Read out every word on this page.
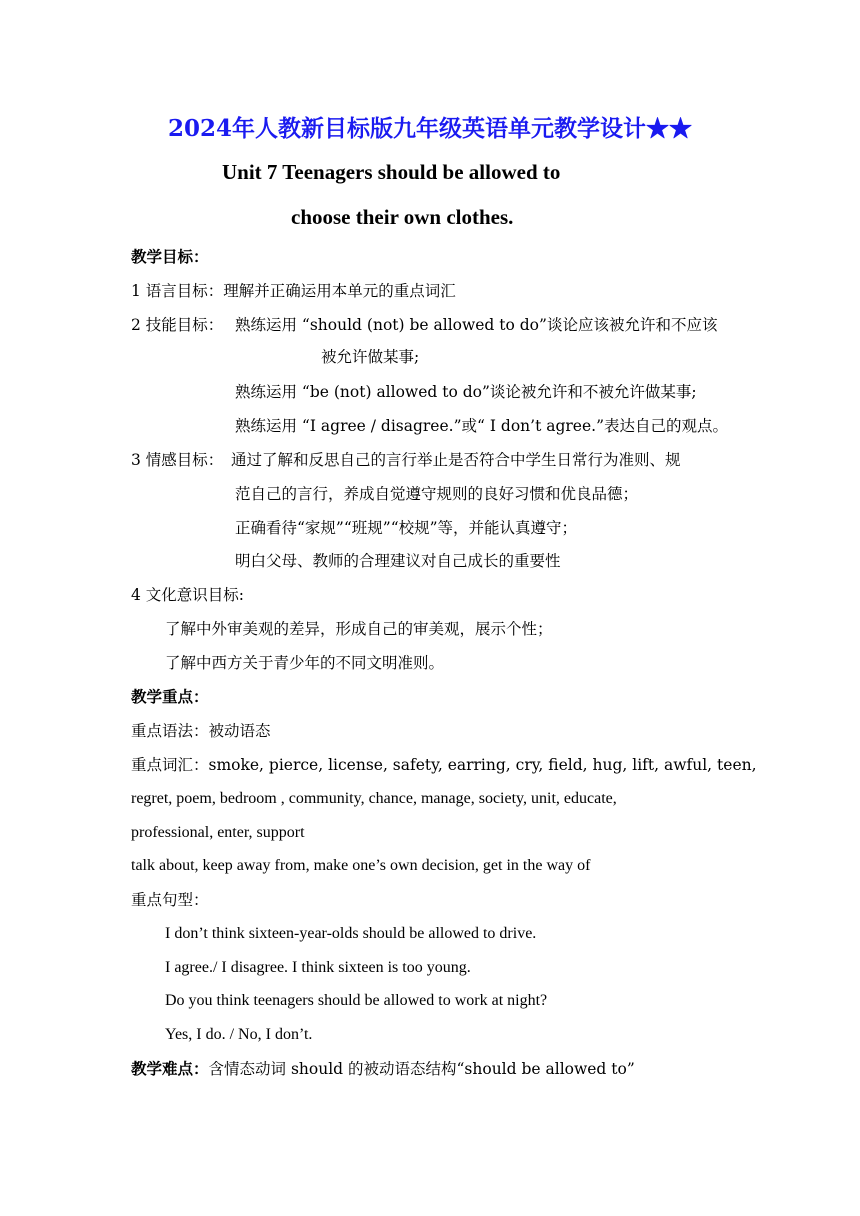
2024年人教新目标版九年级英语单元教学设计★★
Unit 7 Teenagers should be allowed to
choose their own clothes.
教学目标：
1 语言目标：理解并正确运用本单元的重点词汇
2 技能目标： 熟练运用 “should (not) be allowed to do”谈论应该被允许和不应该
被允许做某事;
熟练运用 “be (not) allowed to do”谈论被允许和不被允许做某事;
熟练运用 “I agree / disagree.”或“ I don’t agree.”表达自己的观点。
3 情感目标： 通过了解和反思自己的言行举止是否符合中学生日常行为准则、规
范自己的言行，养成自觉遵守规则的良好习惯和优良品德；
正确看待“家规”“班规”“校规”等，并能认真遵守；
明白父母、教师的合理建议对自己成长的重要性
4 文化意识目标:
了解中外审美观的差异，形成自己的审美观，展示个性；
了解中西方关于青少年的不同文明准则。
教学重点：
重点语法：被动语态
重点词汇：smoke, pierce, license, safety, earring, cry, field, hug, lift, awful, teen,
regret, poem, bedroom , community, chance, manage, society, unit, educate,
professional, enter, support
talk about, keep away from, make one’s own decision, get in the way of
重点句型：
I don’t think sixteen-year-olds should be allowed to drive.
I agree./ I disagree. I think sixteen is too young.
Do you think teenagers should be allowed to work at night?
Yes, I do. / No, I don’t.
教学难点：含情态动词 should 的被动语态结构“should be allowed to”
